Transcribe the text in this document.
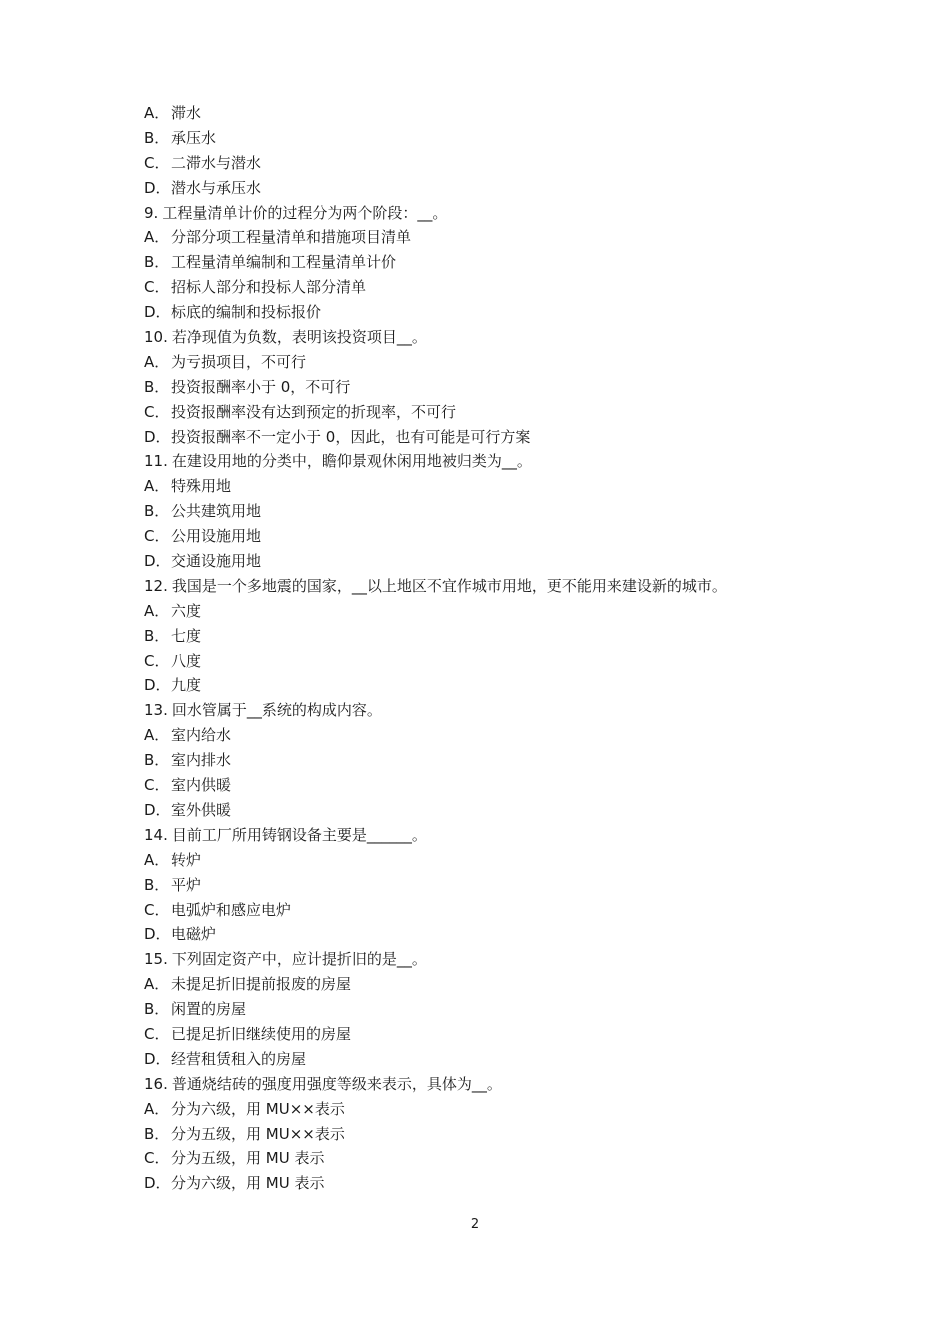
A． 滞水
B． 承压水
C． 二滞水与潜水
D．潜水与承压水
9. 工程量清单计价的过程分为两个阶段：__。
A． 分部分项工程量清单和措施项目清单
B． 工程量清单编制和工程量清单计价
C． 招标人部分和投标人部分清单
D．标底的编制和投标报价
10. 若净现值为负数，表明该投资项目__。
A． 为亏损项目，不可行
B． 投资报酬率小于 0，不可行
C． 投资报酬率没有达到预定的折现率，不可行
D．投资报酬率不一定小于 0，因此，也有可能是可行方案
11. 在建设用地的分类中，瞻仰景观休闲用地被归类为__。
A． 特殊用地
B． 公共建筑用地
C． 公用设施用地
D．交通设施用地
12. 我国是一个多地震的国家，__以上地区不宜作城市用地，更不能用来建设新的城市。
A． 六度
B． 七度
C． 八度
D．九度
13. 回水管属于__系统的构成内容。
A． 室内给水
B． 室内排水
C． 室内供暖
D．室外供暖
14. 目前工厂所用铸钢设备主要是______。
A． 转炉
B． 平炉
C． 电弧炉和感应电炉
D．电磁炉
15. 下列固定资产中，应计提折旧的是__。
A． 未提足折旧提前报废的房屋
B． 闲置的房屋
C． 已提足折旧继续使用的房屋
D．经营租赁租入的房屋
16. 普通烧结砖的强度用强度等级来表示，具体为__。
A． 分为六级，用 MU××表示
B． 分为五级，用 MU××表示
C． 分为五级，用 MU 表示
D．分为六级，用 MU 表示
2
